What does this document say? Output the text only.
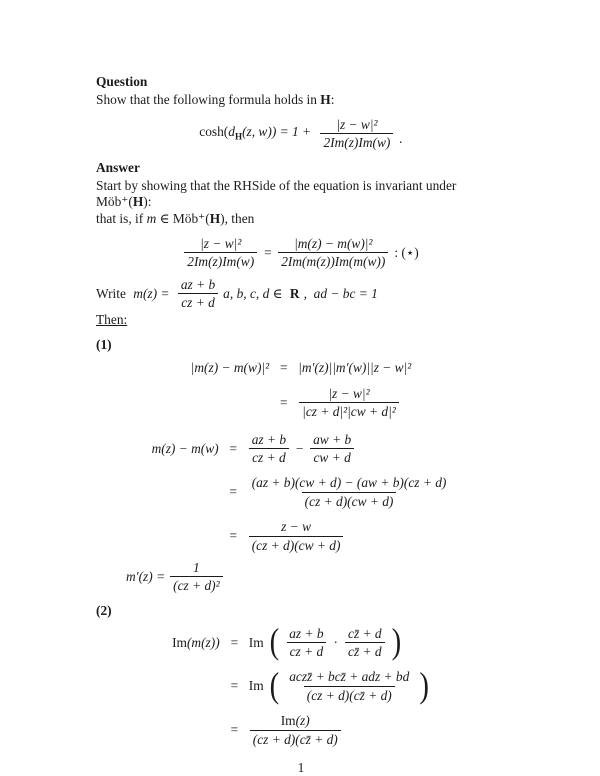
Question

Show that the following formula holds in H:

$\cosh(d_H(z$, $w)) = 1 + \frac{\text{|z − w|²}}{2Im(z)Im(w)}$ .
Answer

Start by showing that the RHSide of the equation is invariant under Möb⁺(H):

that is, if m ∈ Möb⁺(H), then

$\frac{\text{|z − w|²}}{2Im(z)Im(w)} = \frac{\text{|m(z) − m(w)|²}}{2Im(m(z))Im(m(w))}$ : (⋆)
Write $m(z) = \frac{az + b}{cz + d} a$, b, c, d ∈ R , ad − bc = 1

Then:

(1)
|m(z) − m(w)|² = |m′(z)||m′(w)||z − w|²
= $\frac{\text{|z − w|²}}{\text{|cz + d|²|cw + d|²}}$
$m(z) - m(w) = \frac{az + b}{cz + d} - \frac{aw + b}{cw + d}$
= $\frac{(az + b)(cw + d) - (aw + b)(cz + d)}{(cz + d)(cw + d)}$
= $\frac{z - w}{(cz + d)(cw + d)}$
$m'(z) = \frac{1}{\text{(cz + d)²}}$
(2)
Im (m(z)) = Im ( $\frac{az + b}{cz + d} \cdot \frac{cz̄ + d}{cz̄ + d}$ )
= Im ( $\frac{\text{aczz̄ + bcz̄ + adz + bd}}{(cz + d)(cz̄ + d)}$ )
= $\frac{Im(z)}{(cz + d)(cz̄ + d)}$
1
